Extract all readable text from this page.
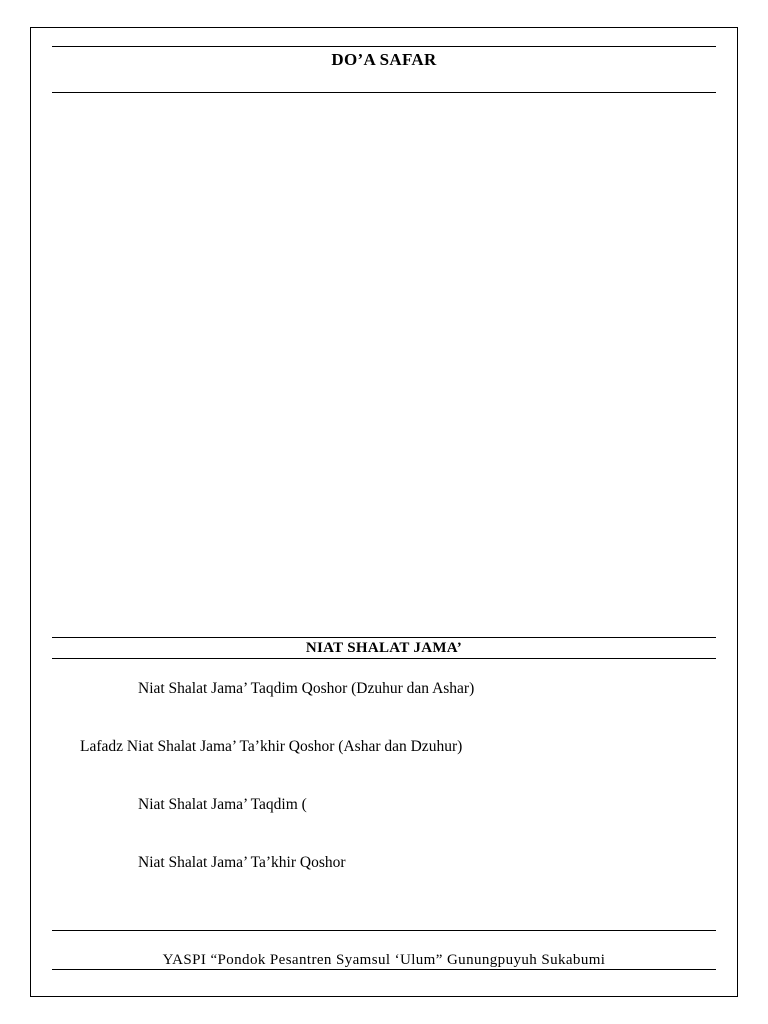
DO’A SAFAR
NIAT SHALAT JAMA’
Niat Shalat Jama’ Taqdim Qoshor (Dzuhur dan Ashar)
Lafadz Niat Shalat Jama’ Ta’khir Qoshor (Ashar dan Dzuhur)
Niat Shalat Jama’ Taqdim (
Niat Shalat Jama’ Ta’khir Qoshor
YASPI “Pondok Pesantren Syamsul ‘Ulum” Gunungpuyuh Sukabumi
